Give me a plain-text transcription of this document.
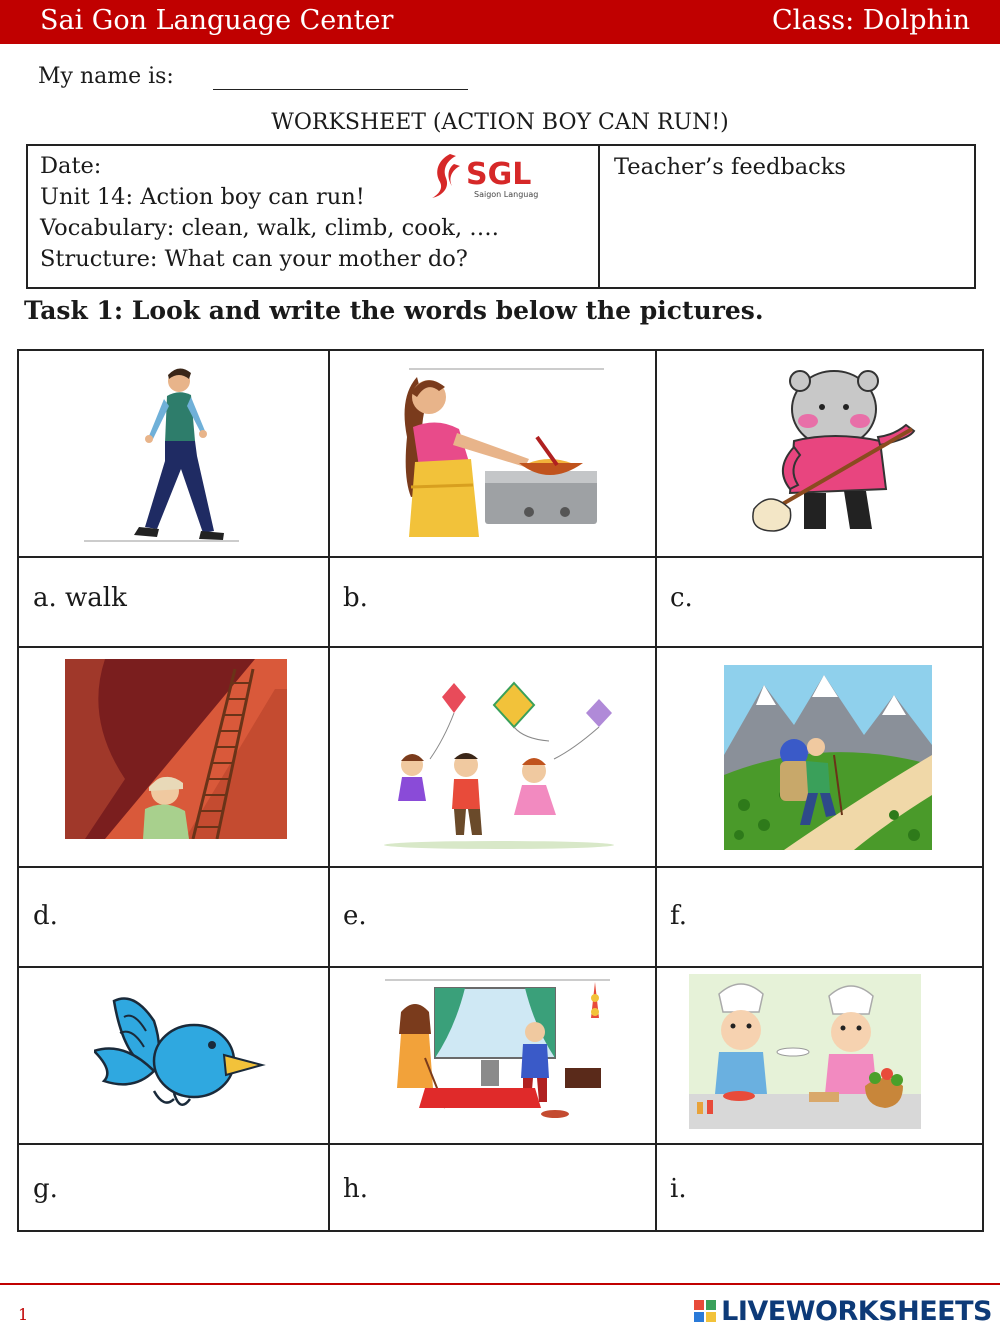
Sai Gon Language Center	Class: Dolphin
My name is:
WORKSHEET (ACTION BOY CAN RUN!)
Date:
Unit 14: Action boy can run!
Vocabulary: clean, walk, climb, cook, ….
Structure: What can your mother do?
Teacher’s feedbacks
SGL
Saigon Language
Task 1: Look and write the words below the pictures.
a. walk	b.	c.
d.	e.	f.
g.	h.	i.
1	LIVEWORKSHEETS
